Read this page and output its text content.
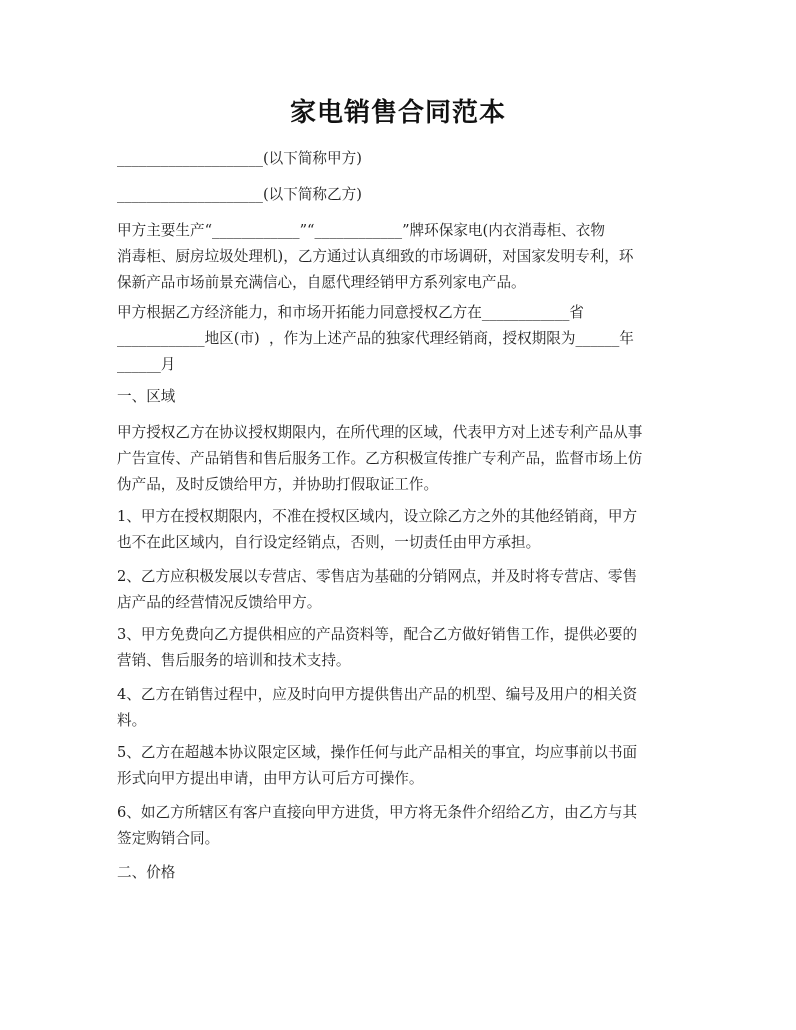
家电销售合同范本
____________________(以下简称甲方)
____________________(以下简称乙方)
甲方主要生产“____________”“____________”牌环保家电(内衣消毒柜、衣物
消毒柜、厨房垃圾处理机)，乙方通过认真细致的市场调研，对国家发明专利，环
保新产品市场前景充满信心，自愿代理经销甲方系列家电产品。
甲方根据乙方经济能力，和市场开拓能力同意授权乙方在____________省
____________地区(市)  ，作为上述产品的独家代理经销商，授权期限为______年
______月
一、区域
甲方授权乙方在协议授权期限内，在所代理的区域，代表甲方对上述专利产品从事
广告宣传、产品销售和售后服务工作。乙方积极宣传推广专利产品，监督市场上仿
伪产品，及时反馈给甲方，并协助打假取证工作。
1、甲方在授权期限内，不准在授权区域内，设立除乙方之外的其他经销商，甲方
也不在此区域内，自行设定经销点，否则，一切责任由甲方承担。
2、乙方应积极发展以专营店、零售店为基础的分销网点，并及时将专营店、零售
店产品的经营情况反馈给甲方。
3、甲方免费向乙方提供相应的产品资料等，配合乙方做好销售工作，提供必要的
营销、售后服务的培训和技术支持。
4、乙方在销售过程中，应及时向甲方提供售出产品的机型、编号及用户的相关资
料。
5、乙方在超越本协议限定区域，操作任何与此产品相关的事宜，均应事前以书面
形式向甲方提出申请，由甲方认可后方可操作。
6、如乙方所辖区有客户直接向甲方进货，甲方将无条件介绍给乙方，由乙方与其
签定购销合同。
二、价格
